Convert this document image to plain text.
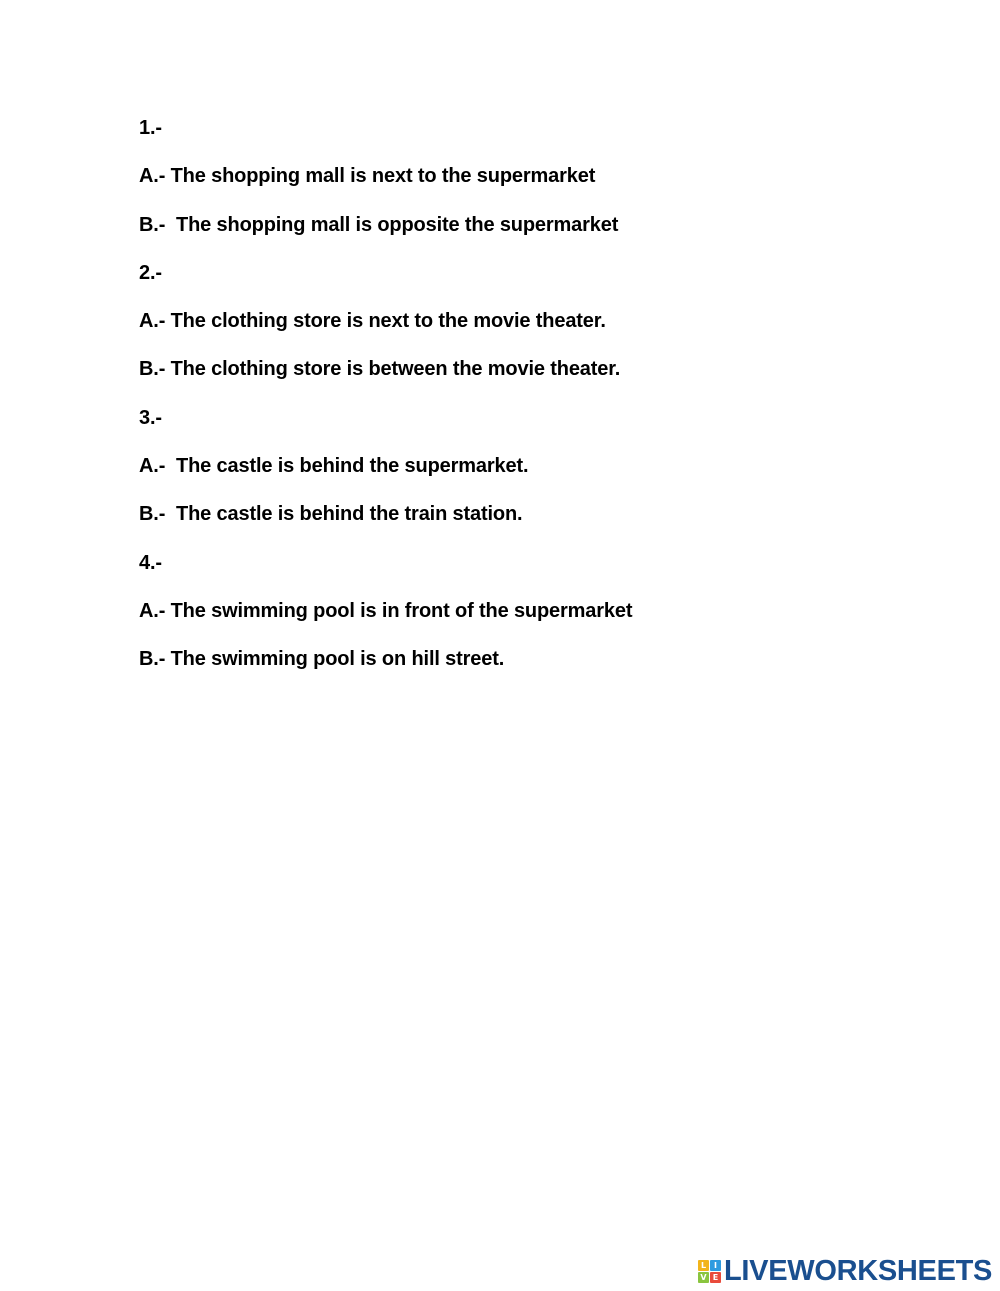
1.-
A.- The shopping mall is next to the supermarket
B.-  The shopping mall is opposite the supermarket
2.-
A.- The clothing store is next to the movie theater.
B.- The clothing store is between the movie theater.
3.-
A.-  The castle is behind the supermarket.
B.-  The castle is behind the train station.
4.-
A.- The swimming pool is in front of the supermarket
B.- The swimming pool is on hill street.
L I
V E LIVEWORKSHEETS
